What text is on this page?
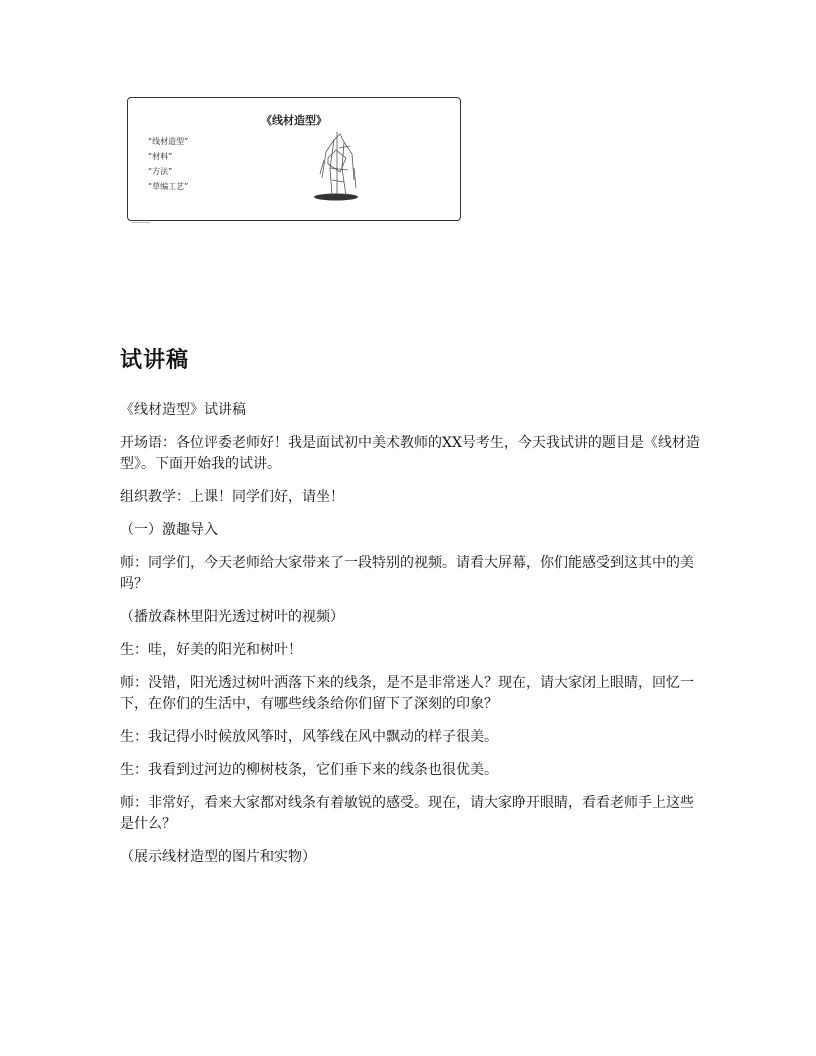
《线材造型》
“线材造型”
“材料”
“方法”
“草编工艺”
试讲稿

《线材造型》试讲稿

开场语：各位评委老师好！我是面试初中美术教师的XX号考生，今天我试讲的题目是《线材造型》。下面开始我的试讲。

组织教学：上课！同学们好，请坐！

（一）激趣导入

师：同学们，今天老师给大家带来了一段特别的视频。请看大屏幕，你们能感受到这其中的美吗？

（播放森林里阳光透过树叶的视频）

生：哇，好美的阳光和树叶！

师：没错，阳光透过树叶洒落下来的线条，是不是非常迷人？现在，请大家闭上眼睛，回忆一下，在你们的生活中，有哪些线条给你们留下了深刻的印象？

生：我记得小时候放风筝时，风筝线在风中飘动的样子很美。

生：我看到过河边的柳树枝条，它们垂下来的线条也很优美。

师：非常好，看来大家都对线条有着敏锐的感受。现在，请大家睁开眼睛，看看老师手上这些是什么？

（展示线材造型的图片和实物）
